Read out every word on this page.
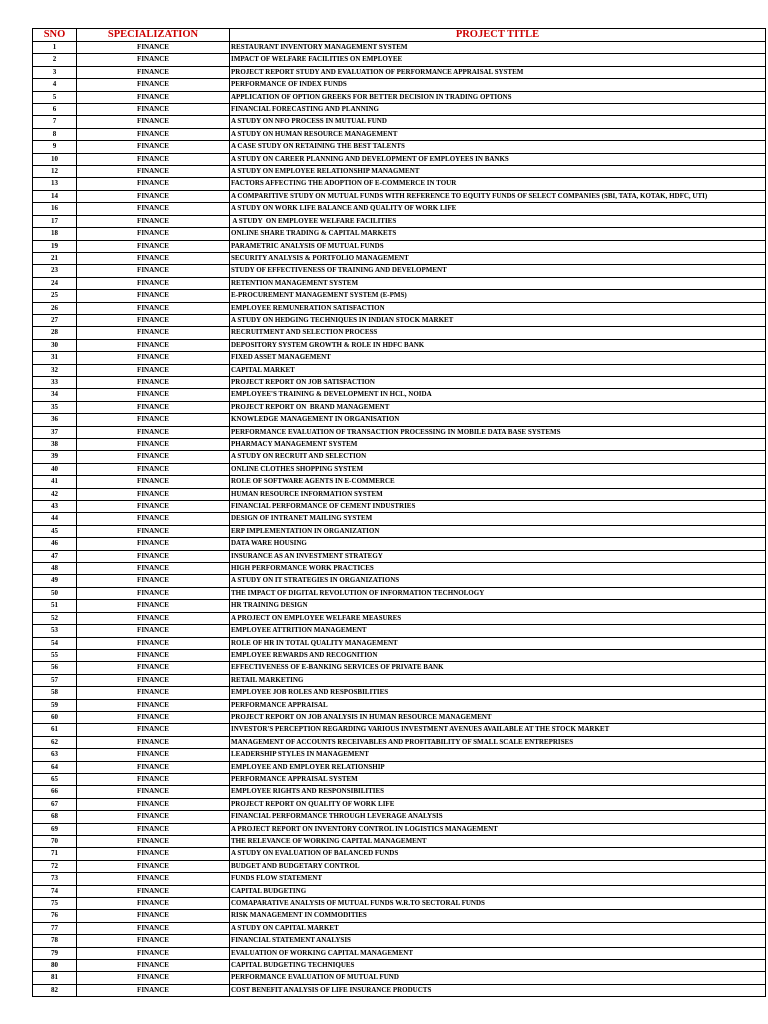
SNO	SPECIALIZATION	PROJECT TITLE
1	FINANCE	RESTAURANT INVENTORY MANAGEMENT SYSTEM
2	FINANCE	IMPACT OF WELFARE FACILITIES ON EMPLOYEE
3	FINANCE	PROJECT REPORT STUDY AND EVALUATION OF PERFORMANCE APPRAISAL SYSTEM
4	FINANCE	PERFORMANCE OF INDEX FUNDS
5	FINANCE	APPLICATION OF OPTION GREEKS FOR BETTER DECISION IN TRADING OPTIONS
6	FINANCE	FINANCIAL FORECASTING AND PLANNING
7	FINANCE	A STUDY ON NFO PROCESS IN MUTUAL FUND
8	FINANCE	A STUDY ON HUMAN RESOURCE MANAGEMENT
9	FINANCE	A CASE STUDY ON RETAINING THE BEST TALENTS
10	FINANCE	A STUDY ON CAREER PLANNING AND DEVELOPMENT OF EMPLOYEES IN BANKS
12	FINANCE	A STUDY ON EMPLOYEE RELATIONSHIP MANAGMENT
13	FINANCE	FACTORS AFFECTING THE ADOPTION OF E-COMMERCE IN TOUR
14	FINANCE	A COMPARITIVE STUDY ON MUTUAL FUNDS WITH REFERENCE TO EQUITY FUNDS OF SELECT COMPANIES (SBI, TATA, KOTAK, HDFC, UTI)
16	FINANCE	A STUDY ON WORK LIFE BALANCE AND QUALITY OF WORK LIFE
17	FINANCE	A STUDY  ON EMPLOYEE WELFARE FACILITIES
18	FINANCE	ONLINE SHARE TRADING & CAPITAL MARKETS
19	FINANCE	PARAMETRIC ANALYSIS OF MUTUAL FUNDS
21	FINANCE	SECURITY ANALYSIS & PORTFOLIO MANAGEMENT
23	FINANCE	STUDY OF EFFECTIVENESS OF TRAINING AND DEVELOPMENT
24	FINANCE	RETENTION MANAGEMENT SYSTEM
25	FINANCE	E-PROCUREMENT MANAGEMENT SYSTEM (E-PMS)
26	FINANCE	EMPLOYEE REMUNERATION SATISFACTION
27	FINANCE	A STUDY ON HEDGING TECHNIQUES IN INDIAN STOCK MARKET
28	FINANCE	RECRUITMENT AND SELECTION PROCESS
30	FINANCE	DEPOSITORY SYSTEM GROWTH & ROLE IN HDFC BANK
31	FINANCE	FIXED ASSET MANAGEMENT
32	FINANCE	CAPITAL MARKET
33	FINANCE	PROJECT REPORT ON JOB SATISFACTION
34	FINANCE	EMPLOYEE'S TRAINING & DEVELOPMENT IN HCL, NOIDA
35	FINANCE	PROJECT REPORT ON  BRAND MANAGEMENT
36	FINANCE	KNOWLEDGE MANAGEMENT IN ORGANISATION
37	FINANCE	PERFORMANCE EVALUATION OF TRANSACTION PROCESSING IN MOBILE DATA BASE SYSTEMS
38	FINANCE	PHARMACY MANAGEMENT SYSTEM
39	FINANCE	A STUDY ON RECRUIT AND SELECTION
40	FINANCE	ONLINE CLOTHES SHOPPING SYSTEM
41	FINANCE	ROLE OF SOFTWARE AGENTS IN E-COMMERCE
42	FINANCE	HUMAN RESOURCE INFORMATION SYSTEM
43	FINANCE	FINANCIAL PERFORMANCE OF CEMENT INDUSTRIES
44	FINANCE	DESIGN OF INTRANET MAILING SYSTEM
45	FINANCE	ERP IMPLEMENTATION IN ORGANIZATION
46	FINANCE	DATA WARE HOUSING
47	FINANCE	INSURANCE AS AN INVESTMENT STRATEGY
48	FINANCE	HIGH PERFORMANCE WORK PRACTICES
49	FINANCE	A STUDY ON IT STRATEGIES IN ORGANIZATIONS
50	FINANCE	THE IMPACT OF DIGITAL REVOLUTION OF INFORMATION TECHNOLOGY
51	FINANCE	HR TRAINING DESIGN
52	FINANCE	A PROJECT ON EMPLOYEE WELFARE MEASURES
53	FINANCE	EMPLOYEE ATTRITION MANAGEMENT
54	FINANCE	ROLE OF HR IN TOTAL QUALITY MANAGEMENT
55	FINANCE	EMPLOYEE REWARDS AND RECOGNITION
56	FINANCE	EFFECTIVENESS OF E-BANKING SERVICES OF PRIVATE BANK
57	FINANCE	RETAIL MARKETING
58	FINANCE	EMPLOYEE JOB ROLES AND RESPOSBILITIES
59	FINANCE	PERFORMANCE APPRAISAL
60	FINANCE	PROJECT REPORT ON JOB ANALYSIS IN HUMAN RESOURCE MANAGEMENT
61	FINANCE	INVESTOR'S PERCEPTION REGARDING VARIOUS INVESTMENT AVENUES AVAILABLE AT THE STOCK MARKET
62	FINANCE	MANAGEMENT OF ACCOUNTS RECEIVABLES AND PROFITABILITY OF SMALL SCALE ENTREPRISES
63	FINANCE	LEADERSHIP STYLES IN MANAGEMENT
64	FINANCE	EMPLOYEE AND EMPLOYER RELATIONSHIP
65	FINANCE	PERFORMANCE APPRAISAL SYSTEM
66	FINANCE	EMPLOYEE RIGHTS AND RESPONSIBILITIES
67	FINANCE	PROJECT REPORT ON QUALITY OF WORK LIFE
68	FINANCE	FINANCIAL PERFORMANCE THROUGH LEVERAGE ANALYSIS
69	FINANCE	A PROJECT REPORT ON INVENTORY CONTROL IN LOGISTICS MANAGEMENT
70	FINANCE	THE RELEVANCE OF WORKING CAPITAL MANAGEMENT
71	FINANCE	A STUDY ON EVALUATION OF BALANCED FUNDS
72	FINANCE	BUDGET AND BUDGETARY CONTROL
73	FINANCE	FUNDS FLOW STATEMENT
74	FINANCE	CAPITAL BUDGETING
75	FINANCE	COMAPARATIVE ANALYSIS OF MUTUAL FUNDS W.R.TO SECTORAL FUNDS
76	FINANCE	RISK MANAGEMENT IN COMMODITIES
77	FINANCE	A STUDY ON CAPITAL MARKET
78	FINANCE	FINANCIAL STATEMENT ANALYSIS
79	FINANCE	EVALUATION OF WORKING CAPITAL MANAGEMENT
80	FINANCE	CAPITAL BUDGETING TECHNIQUES
81	FINANCE	PERFORMANCE EVALUATION OF MUTUAL FUND
82	FINANCE	COST BENEFIT ANALYSIS OF LIFE INSURANCE PRODUCTS
